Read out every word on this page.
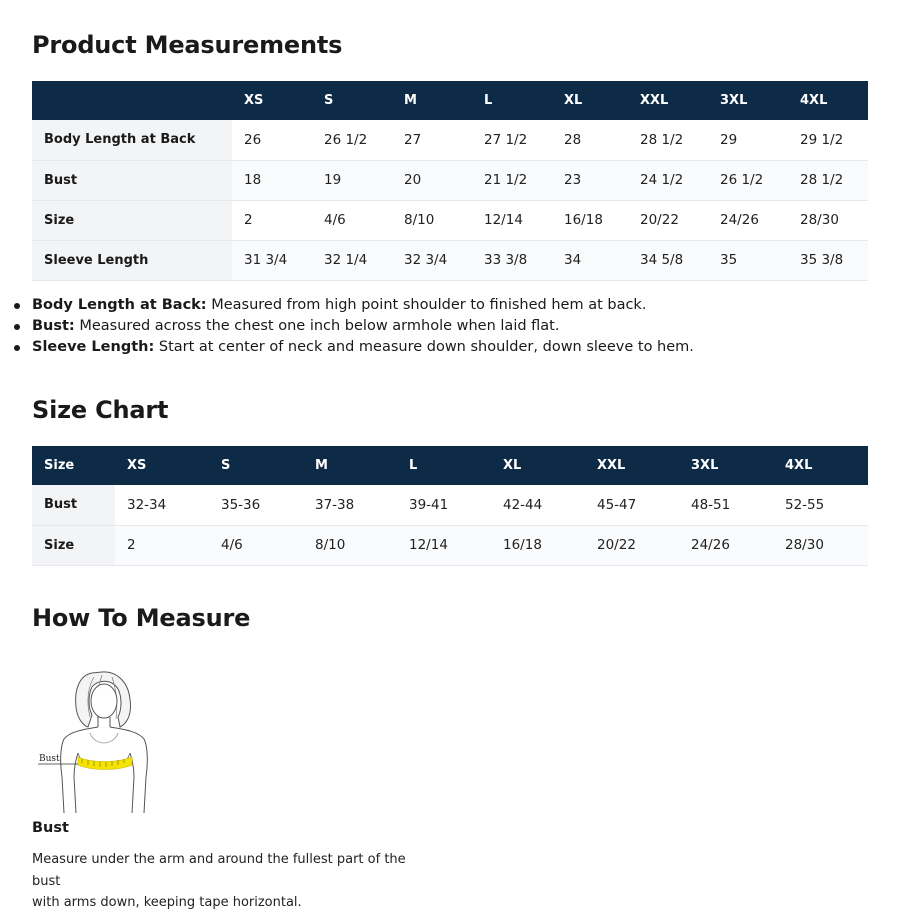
Product Measurements
	XS	S	M	L	XL	XXL	3XL	4XL
Body Length at Back	26	26 1/2	27	27 1/2	28	28 1/2	29	29 1/2
Bust	18	19	20	21 1/2	23	24 1/2	26 1/2	28 1/2
Size	2	4/6	8/10	12/14	16/18	20/22	24/26	28/30
Sleeve Length	31 3/4	32 1/4	32 3/4	33 3/8	34	34 5/8	35	35 3/8
Body Length at Back: Measured from high point shoulder to finished hem at back.
Bust: Measured across the chest one inch below armhole when laid flat.
Sleeve Length: Start at center of neck and measure down shoulder, down sleeve to hem.
Size Chart
Size	XS	S	M	L	XL	XXL	3XL	4XL
Bust	32-34	35-36	37-38	39-41	42-44	45-47	48-51	52-55
Size	2	4/6	8/10	12/14	16/18	20/22	24/26	28/30
How To Measure
Bust
Bust
Measure under the arm and around the fullest part of the bust
with arms down, keeping tape horizontal.
